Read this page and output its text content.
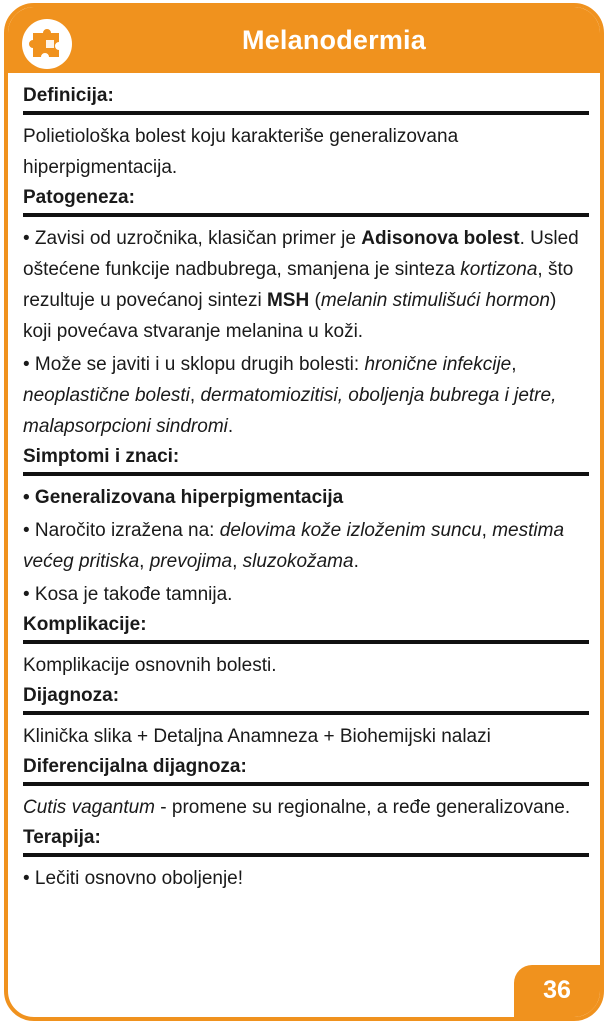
Melanodermia

Definicija:

Polietiološka bolest koju karakteriše generalizovana hiperpigmentacija.

Patogeneza:

• Zavisi od uzročnika, klasičan primer je Adisonova bolest. Usled oštećene funkcije nadbubrega, smanjena je sinteza kortizona, što rezultuje u povećanoj sintezi MSH (melanin stimulišući hormon) koji povećava stvaranje melanina u koži.

• Može se javiti i u sklopu drugih bolesti: hronične infekcije, neoplastične bolesti, dermatomiozitisi, oboljenja bubrega i jetre, malapsorpcioni sindromi.

Simptomi i znaci:

• Generalizovana hiperpigmentacija

• Naročito izražena na: delovima kože izloženim suncu, mestima većeg pritiska, prevojima, sluzokožama.

• Kosa je takođe tamnija.

Komplikacije:

Komplikacije osnovnih bolesti.

Dijagnoza:

Klinička slika + Detaljna Anamneza + Biohemijski nalazi

Diferencijalna dijagnoza:

Cutis vagantum - promene su regionalne, a ređe generalizovane.

Terapija:

• Lečiti osnovno oboljenje!

36
